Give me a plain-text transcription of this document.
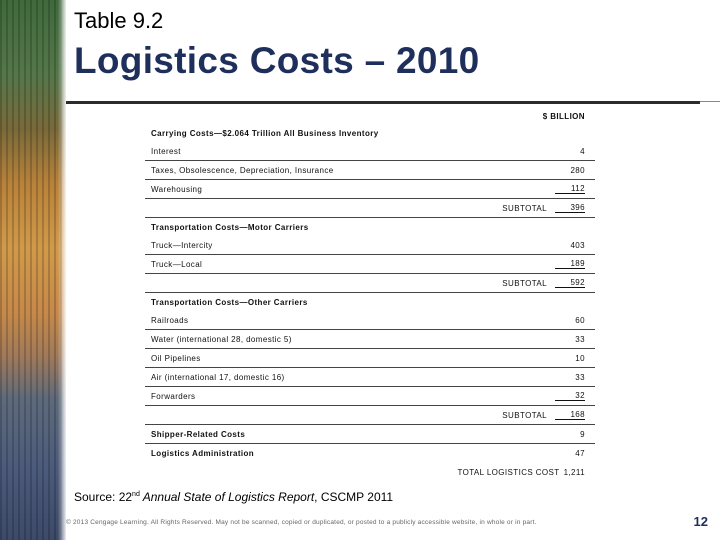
Table 9.2
Logistics Costs – 2010
$ BILLION
Carrying Costs—$2.064 Trillion All Business Inventory
Interest	4
Taxes, Obsolescence, Depreciation, Insurance	280
Warehousing	112
SUBTOTAL	396
Transportation Costs—Motor Carriers
Truck—Intercity	403
Truck—Local	189
SUBTOTAL	592
Transportation Costs—Other Carriers
Railroads	60
Water (international 28, domestic 5)	33
Oil Pipelines	10
Air (international 17, domestic 16)	33
Forwarders	32
SUBTOTAL	168
Shipper-Related Costs	9
Logistics Administration	47
TOTAL LOGISTICS COST 1,211
Source: 22nd Annual State of Logistics Report, CSCMP 2011
© 2013 Cengage Learning. All Rights Reserved. May not be scanned, copied or duplicated, or posted to a publicly accessible website, in whole or in part.	12
